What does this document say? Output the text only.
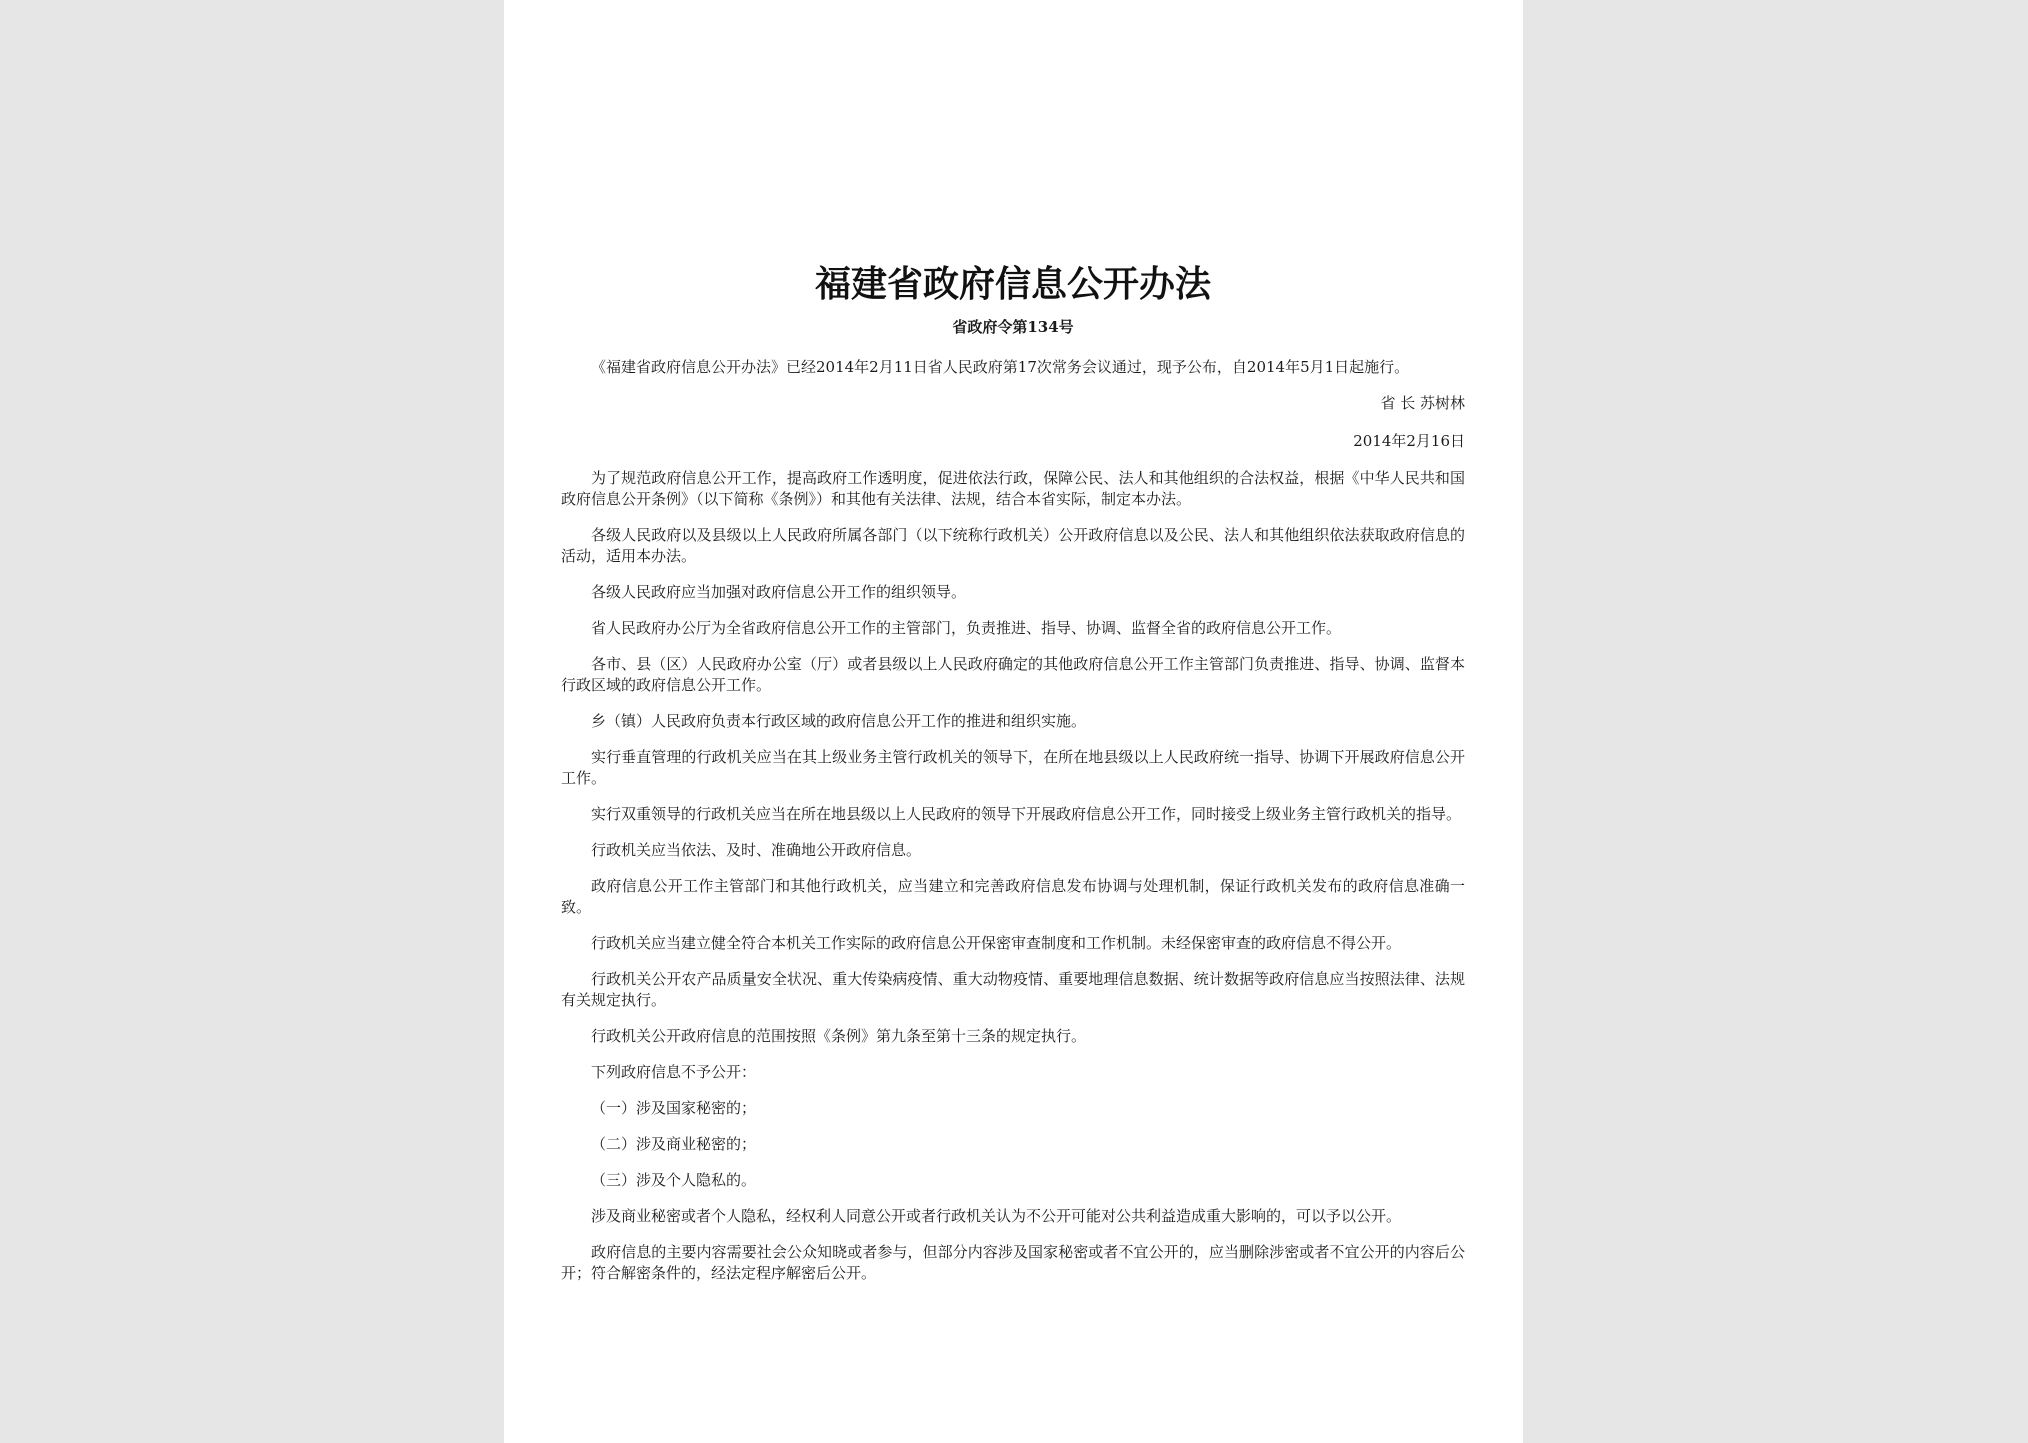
福建省政府信息公开办法
省政府令第134号
《福建省政府信息公开办法》已经2014年2月11日省人民政府第17次常务会议通过，现予公布，自2014年5月1日起施行。
省 长 苏树林
2014年2月16日
为了规范政府信息公开工作，提高政府工作透明度，促进依法行政，保障公民、法人和其他组织的合法权益，根据《中华人民共和国政府信息公开条例》（以下简称《条例》）和其他有关法律、法规，结合本省实际，制定本办法。
各级人民政府以及县级以上人民政府所属各部门（以下统称行政机关）公开政府信息以及公民、法人和其他组织依法获取政府信息的活动，适用本办法。
各级人民政府应当加强对政府信息公开工作的组织领导。
省人民政府办公厅为全省政府信息公开工作的主管部门，负责推进、指导、协调、监督全省的政府信息公开工作。
各市、县（区）人民政府办公室（厅）或者县级以上人民政府确定的其他政府信息公开工作主管部门负责推进、指导、协调、监督本行政区域的政府信息公开工作。
乡（镇）人民政府负责本行政区域的政府信息公开工作的推进和组织实施。
实行垂直管理的行政机关应当在其上级业务主管行政机关的领导下，在所在地县级以上人民政府统一指导、协调下开展政府信息公开工作。
实行双重领导的行政机关应当在所在地县级以上人民政府的领导下开展政府信息公开工作，同时接受上级业务主管行政机关的指导。
行政机关应当依法、及时、准确地公开政府信息。
政府信息公开工作主管部门和其他行政机关，应当建立和完善政府信息发布协调与处理机制，保证行政机关发布的政府信息准确一致。
行政机关应当建立健全符合本机关工作实际的政府信息公开保密审查制度和工作机制。未经保密审查的政府信息不得公开。
行政机关公开农产品质量安全状况、重大传染病疫情、重大动物疫情、重要地理信息数据、统计数据等政府信息应当按照法律、法规有关规定执行。
行政机关公开政府信息的范围按照《条例》第九条至第十三条的规定执行。
下列政府信息不予公开：
（一）涉及国家秘密的；
（二）涉及商业秘密的；
（三）涉及个人隐私的。
涉及商业秘密或者个人隐私，经权利人同意公开或者行政机关认为不公开可能对公共利益造成重大影响的，可以予以公开。
政府信息的主要内容需要社会公众知晓或者参与，但部分内容涉及国家秘密或者不宜公开的，应当删除涉密或者不宜公开的内容后公开；符合解密条件的，经法定程序解密后公开。
